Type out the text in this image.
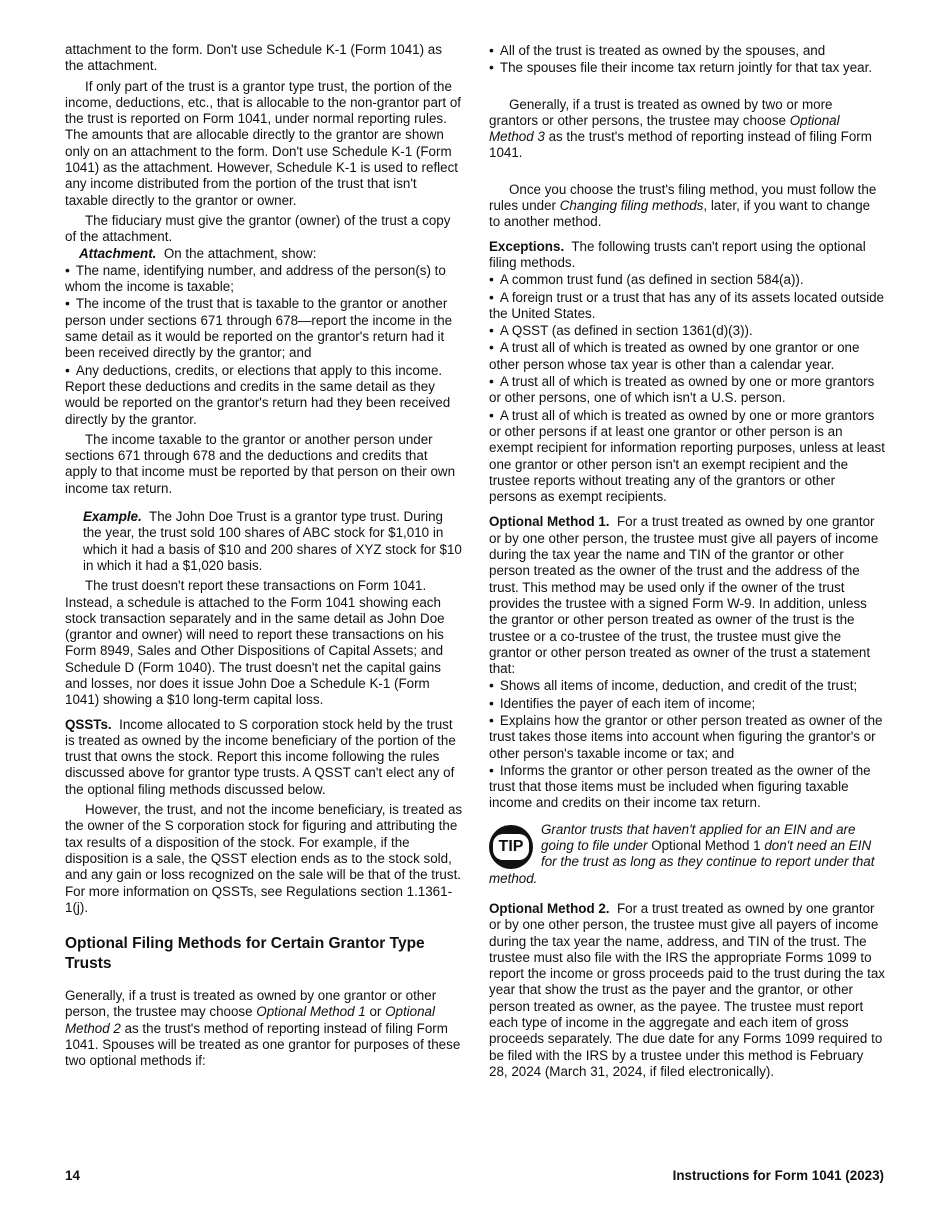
attachment to the form. Don't use Schedule K-1 (Form 1041) as the attachment.

If only part of the trust is a grantor type trust, the portion of the income, deductions, etc., that is allocable to the non-grantor part of the trust is reported on Form 1041, under normal reporting rules. The amounts that are allocable directly to the grantor are shown only on an attachment to the form. Don't use Schedule K-1 (Form 1041) as the attachment. However, Schedule K-1 is used to reflect any income distributed from the portion of the trust that isn't taxable directly to the grantor or owner.

The fiduciary must give the grantor (owner) of the trust a copy of the attachment.

Attachment. On the attachment, show:

• The name, identifying number, and address of the person(s) to whom the income is taxable;

• The income of the trust that is taxable to the grantor or another person under sections 671 through 678—report the income in the same detail as it would be reported on the grantor's return had it been received directly by the grantor; and

• Any deductions, credits, or elections that apply to this income. Report these deductions and credits in the same detail as they would be reported on the grantor's return had they been received directly by the grantor.

The income taxable to the grantor or another person under sections 671 through 678 and the deductions and credits that apply to that income must be reported by that person on their own income tax return.

Example. The John Doe Trust is a grantor type trust. During the year, the trust sold 100 shares of ABC stock for $1,010 in which it had a basis of $10 and 200 shares of XYZ stock for $10 in which it had a $1,020 basis.

The trust doesn't report these transactions on Form 1041. Instead, a schedule is attached to the Form 1041 showing each stock transaction separately and in the same detail as John Doe (grantor and owner) will need to report these transactions on his Form 8949, Sales and Other Dispositions of Capital Assets; and Schedule D (Form 1040). The trust doesn't net the capital gains and losses, nor does it issue John Doe a Schedule K-1 (Form 1041) showing a $10 long-term capital loss.

QSSTs. Income allocated to S corporation stock held by the trust is treated as owned by the income beneficiary of the portion of the trust that owns the stock. Report this income following the rules discussed above for grantor type trusts. A QSST can't elect any of the optional filing methods discussed below.

However, the trust, and not the income beneficiary, is treated as the owner of the S corporation stock for figuring and attributing the tax results of a disposition of the stock. For example, if the disposition is a sale, the QSST election ends as to the stock sold, and any gain or loss recognized on the sale will be that of the trust. For more information on QSSTs, see Regulations section 1.1361-1(j).

Optional Filing Methods for Certain Grantor Type Trusts

Generally, if a trust is treated as owned by one grantor or other person, the trustee may choose Optional Method 1 or Optional Method 2 as the trust's method of reporting instead of filing Form 1041. Spouses will be treated as one grantor for purposes of these two optional methods if:

• All of the trust is treated as owned by the spouses, and

• The spouses file their income tax return jointly for that tax year.

Generally, if a trust is treated as owned by two or more grantors or other persons, the trustee may choose Optional Method 3 as the trust's method of reporting instead of filing Form 1041.

Once you choose the trust's filing method, you must follow the rules under Changing filing methods, later, if you want to change to another method.

Exceptions. The following trusts can't report using the optional filing methods.

• A common trust fund (as defined in section 584(a)).

• A foreign trust or a trust that has any of its assets located outside the United States.

• A QSST (as defined in section 1361(d)(3)).

• A trust all of which is treated as owned by one grantor or one other person whose tax year is other than a calendar year.

• A trust all of which is treated as owned by one or more grantors or other persons, one of which isn't a U.S. person.

• A trust all of which is treated as owned by one or more grantors or other persons if at least one grantor or other person is an exempt recipient for information reporting purposes, unless at least one grantor or other person isn't an exempt recipient and the trustee reports without treating any of the grantors or other persons as exempt recipients.

Optional Method 1. For a trust treated as owned by one grantor or by one other person, the trustee must give all payers of income during the tax year the name and TIN of the grantor or other person treated as the owner of the trust and the address of the trust. This method may be used only if the owner of the trust provides the trustee with a signed Form W-9. In addition, unless the grantor or other person treated as owner of the trust is the trustee or a co-trustee of the trust, the trustee must give the grantor or other person treated as owner of the trust a statement that:

• Shows all items of income, deduction, and credit of the trust;

• Identifies the payer of each item of income;

• Explains how the grantor or other person treated as owner of the trust takes those items into account when figuring the grantor's or other person's taxable income or tax; and

• Informs the grantor or other person treated as the owner of the trust that those items must be included when figuring taxable income and credits on their income tax return.

TIP
Grantor trusts that haven't applied for an EIN and are going to file under Optional Method 1 don't need an EIN for the trust as long as they continue to report under that method.

Optional Method 2. For a trust treated as owned by one grantor or by one other person, the trustee must give all payers of income during the tax year the name, address, and TIN of the trust. The trustee must also file with the IRS the appropriate Forms 1099 to report the income or gross proceeds paid to the trust during the tax year that show the trust as the payer and the grantor, or other person treated as owner, as the payee. The trustee must report each type of income in the aggregate and each item of gross proceeds separately. The due date for any Forms 1099 required to be filed with the IRS by a trustee under this method is February 28, 2024 (March 31, 2024, if filed electronically).

14	Instructions for Form 1041 (2023)
